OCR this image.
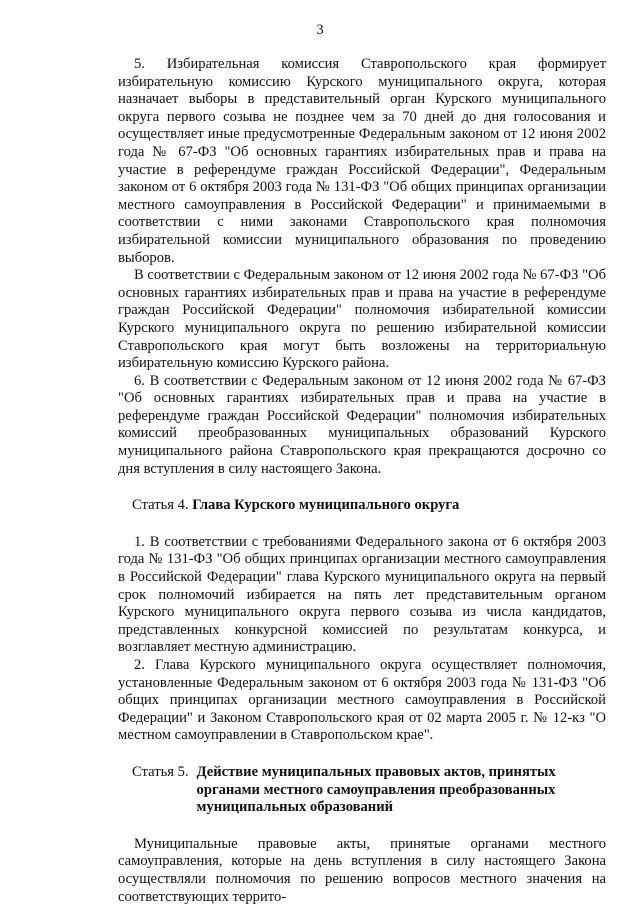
3

5. Избирательная комиссия Ставропольского края формирует избирательную комиссию Курского муниципального округа, которая назначает выборы в представительный орган Курского муниципального округа первого созыва не позднее чем за 70 дней до дня голосования и осуществляет иные предусмотренные Федеральным законом от 12 июня 2002 года № 67-ФЗ "Об основных гарантиях избирательных прав и права на участие в референдуме граждан Российской Федерации", Федеральным законом от 6 октября 2003 года № 131-ФЗ "Об общих принципах организации местного самоуправления в Российской Федерации" и принимаемыми в соответствии с ними законами Ставропольского края полномочия избирательной комиссии муниципального образования по проведению выборов.

В соответствии с Федеральным законом от 12 июня 2002 года № 67-ФЗ "Об основных гарантиях избирательных прав и права на участие в референдуме граждан Российской Федерации" полномочия избирательной комиссии Курского муниципального округа по решению избирательной комиссии Ставропольского края могут быть возложены на территориальную избирательную комиссию Курского района.

6. В соответствии с Федеральным законом от 12 июня 2002 года № 67-ФЗ "Об основных гарантиях избирательных прав и права на участие в референдуме граждан Российской Федерации" полномочия избирательных комиссий преобразованных муниципальных образований Курского муниципального района Ставропольского края прекращаются досрочно со дня вступления в силу настоящего Закона.

Статья 4. Глава Курского муниципального округа

1. В соответствии с требованиями Федерального закона от 6 октября 2003 года № 131-ФЗ "Об общих принципах организации местного самоуправления в Российской Федерации" глава Курского муниципального округа на первый срок полномочий избирается на пять лет представительным органом Курского муниципального округа первого созыва из числа кандидатов, представленных конкурсной комиссией по результатам конкурса, и возглавляет местную администрацию.

2. Глава Курского муниципального округа осуществляет полномочия, установленные Федеральным законом от 6 октября 2003 года № 131-ФЗ "Об общих принципах организации местного самоуправления в Российской Федерации" и Законом Ставропольского края от 02 марта 2005 г. № 12-кз "О местном самоуправлении в Ставропольском крае".

Статья 5. Действие муниципальных правовых актов, принятых органами местного самоуправления преобразованных муниципальных образований

Муниципальные правовые акты, принятые органами местного самоуправления, которые на день вступления в силу настоящего Закона осуществляли полномочия по решению вопросов местного значения на соответствующих террито-
